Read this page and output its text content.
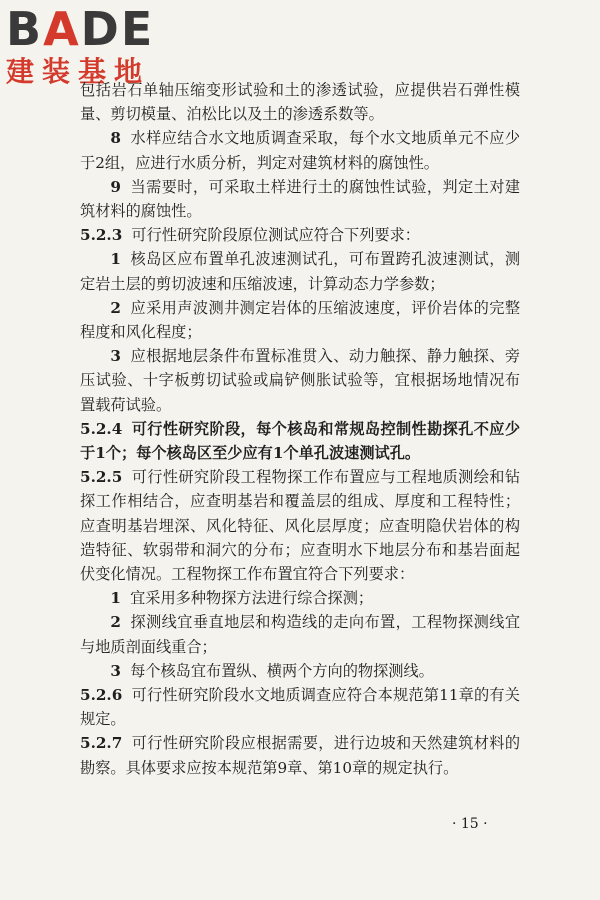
BADE
建装基地

包括岩石单轴压缩变形试验和土的渗透试验，应提供岩石弹性模量、剪切模量、泊松比以及土的渗透系数等。

8 水样应结合水文地质调查采取，每个水文地质单元不应少于2组，应进行水质分析，判定对建筑材料的腐蚀性。

9 当需要时，可采取土样进行土的腐蚀性试验，判定土对建筑材料的腐蚀性。

5.2.3 可行性研究阶段原位测试应符合下列要求：

1 核岛区应布置单孔波速测试孔，可布置跨孔波速测试，测定岩土层的剪切波速和压缩波速，计算动态力学参数；

2 应采用声波测井测定岩体的压缩波速度，评价岩体的完整程度和风化程度；

3 应根据地层条件布置标准贯入、动力触探、静力触探、旁压试验、十字板剪切试验或扁铲侧胀试验等，宜根据场地情况布置载荷试验。

5.2.4 可行性研究阶段，每个核岛和常规岛控制性勘探孔不应少于1个；每个核岛区至少应有1个单孔波速测试孔。

5.2.5 可行性研究阶段工程物探工作布置应与工程地质测绘和钻探工作相结合，应查明基岩和覆盖层的组成、厚度和工程特性；应查明基岩埋深、风化特征、风化层厚度；应查明隐伏岩体的构造特征、软弱带和洞穴的分布；应查明水下地层分布和基岩面起伏变化情况。工程物探工作布置宜符合下列要求：

1 宜采用多种物探方法进行综合探测；

2 探测线宜垂直地层和构造线的走向布置，工程物探测线宜与地质剖面线重合；

3 每个核岛宜布置纵、横两个方向的物探测线。

5.2.6 可行性研究阶段水文地质调查应符合本规范第11章的有关规定。

5.2.7 可行性研究阶段应根据需要，进行边坡和天然建筑材料的勘察。具体要求应按本规范第9章、第10章的规定执行。

· 15 ·
